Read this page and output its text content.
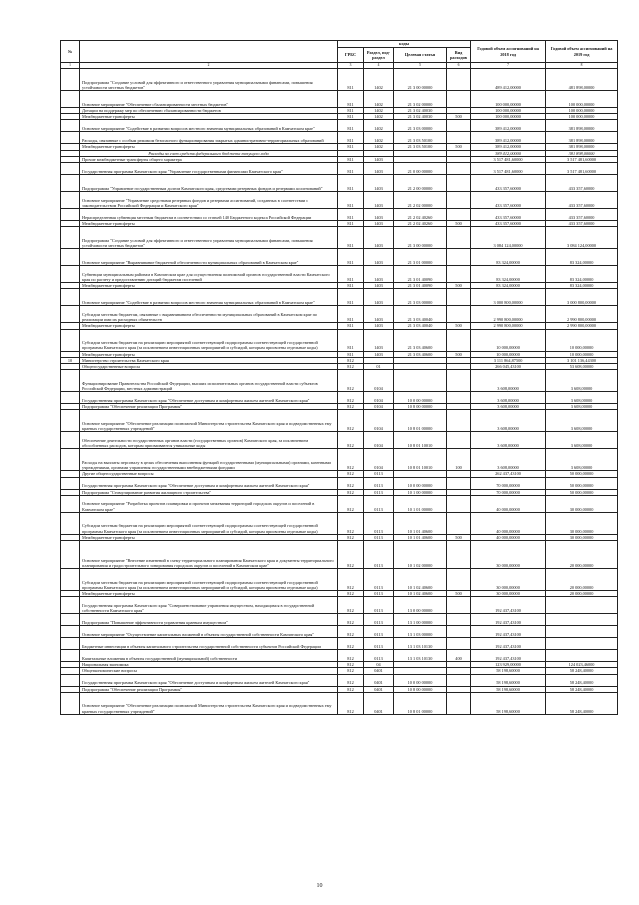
№		коды				Годовой объем ассигнований на 2018 год	Годовой объем ассигнований на 2019 год
		ГРБС	Раздел, под-раздел	Целевая статья	Вид расходов		
1	2	3	4	5	6	7	8
	Подпрограмма "Создание условий для эффективного и ответственного управления муниципальными финансами, повышения устойчивости местных бюджетов"	811	1402	21 3 00 00000		489 412,00000	481 898,00000
	Основное мероприятие "Обеспечение сбалансированности местных бюджетов"	811	1402	21 3 02 00000		100 000,00000	100 000,00000
	Дотации на поддержку мер по обеспечению сбалансированности бюджетов	811	1402	21 3 02 40030		100 000,00000	100 000,00000
	Межбюджетные трансферты	811	1402	21 3 02 40030	500	100 000,00000	100 000,00000
	Основное мероприятие "Содействие в развитии вопросов местного значения муниципальных образований в Камчатском крае"	811	1402	21 3 03 00000		389 412,00000	381 898,00000
	Расходы, связанные с особым режимом безопасного функционирования закрытых административно-территориальных образований	811	1402	21 3 03 50100		389 412,00000	381 898,00000
	Межбюджетные трансферты	811	1402	21 3 03 50100	500	389 412,00000	381 898,00000
	Расходы за счет средств федерального бюджета текущего года					389 412,00000	381 898,00000
	Прочие межбюджетные трансферты общего характера	811	1403			3 517 481,60000	3 517 481,60000
	Государственная программа Камчатского края "Управление государственными финансами Камчатского края"	811	1403	21 0 00 00000		3 517 481,60000	3 517 481,60000
	Подпрограмма "Управление государственным долгом Камчатского края, средствами резервных фондов и резервами ассигнований"	811	1403	21 2 00 00000		433 357,60000	433 357,60000
	Основное мероприятие "Управление средствами резервных фондов и резервами ассигнований, созданных в соответствии с законодательством Российской Федерации и Камчатского края"	811	1403	21 2 02 00000		433 357,60000	433 357,60000
	Нераспределенная субвенция местным бюджетам в соответствии со статьей 140 Бюджетного кодекса Российской Федерации	811	1403	21 2 02 40260		433 357,60000	433 357,60000
	Межбюджетные трансферты	811	1403	21 2 02 40260	500	433 357,60000	433 357,60000
	Подпрограмма "Создание условий для эффективного и ответственного управления муниципальными финансами, повышения устойчивости местных бюджетов"	811	1403	21 3 00 00000		3 084 124,00000	3 084 124,00000
	Основное мероприятие "Выравнивание бюджетной обеспеченности муниципальных образований в Камчатском крае"	811	1403	21 3 01 00000		83 324,00000	83 324,00000
	Субвенции муниципальным районам в Камчатском крае для осуществления полномочий органов государственной власти Камчатского края по расчету и предоставлению дотаций бюджетам поселений	811	1403	21 3 01 40090		83 324,00000	83 324,00000
	Межбюджетные трансферты	811	1403	21 3 01 40090	500	83 324,00000	83 324,00000
	Основное мероприятие "Содействие в развитии вопросов местного значения муниципальных образований в Камчатском крае"	811	1403	21 3 03 00000		3 000 800,00000	3 000 800,00000
	Субсидии местным бюджетам, связанные с выравниванием обеспеченности муниципальных образований в Камчатском крае по реализации ими их расходных обязательств	811	1403	21 3 03 40040		2 990 800,00000	2 990 800,00000
	Межбюджетные трансферты	811	1403	21 3 03 40040	500	2 990 800,00000	2 990 800,00000
	Субсидии местным бюджетам на реализацию мероприятий соответствующей подпрограммы соответствующей государственной программы Камчатского края (за исключением инвестиционных мероприятий и субсидий, которым присвоены отдельные коды)	811	1403	21 3 03 40600		10 000,00000	10 000,00000
	Межбюджетные трансферты	811	1403	21 3 03 40600	500	10 000,00000	10 000,00000
10	Министерство строительства Камчатского края	812				3 111 864,87500	3 101 136,44300
	Общегосударственные вопросы	812	01			266 045,43100	53 608,00000
	Функционирование Правительства Российской Федерации, высших исполнительных органов государственной власти субъектов Российской Федерации, местных администраций	812	0104			3 608,00000	3 608,00000
	Государственная программа Камчатского края "Обеспечение доступным и комфортным жильем жителей Камчатского края"	812	0104	10 0 00 00000		3 608,00000	3 608,00000
	Подпрограмма "Обеспечение реализации Программы"	812	0104	10 8 00 00000		3 608,00000	3 608,00000
	Основное мероприятие "Обеспечение реализации полномочий Министерства строительства Камчатского края и подведомственных ему краевых государственных учреждений"	812	0104	10 8 01 00000		3 608,00000	3 608,00000
	Обеспечение деятельности государственных органов власти (государственных органов) Камчатского края, за исключением обособленных расходов, которым присваиваются уникальные коды	812	0104	10 8 01 10010		3 608,00000	3 608,00000
	Расходы на выплаты персоналу в целях обеспечения выполнения функций государственными (муниципальными) органами, казенными учреждениями, органами управления государственными внебюджетными фондами	812	0104	10 8 01 10010	100	3 608,00000	3 608,00000
	Другие общегосударственные вопросы	812	0113			262 437,43100	50 000,00000
	Государственная программа Камчатского края "Обеспечение доступным и комфортным жильем жителей Камчатского края"	812	0113	10 0 00 00000		70 000,00000	50 000,00000
	Подпрограмма "Стимулирование развития жилищного строительства"	812	0113	10 1 00 00000		70 000,00000	50 000,00000
	Основное мероприятие "Разработка проектов планировки и проектов межевания территорий городских округов и поселений в Камчатском крае"	812	0113	10 1 01 00000		40 000,00000	30 000,00000
	Субсидии местным бюджетам на реализацию мероприятий соответствующей подпрограммы соответствующей государственной программы Камчатского края (за исключением инвестиционных мероприятий и субсидий, которым присвоены отдельные коды)	812	0113	10 1 01 40600		40 000,00000	30 000,00000
	Межбюджетные трансферты	812	0113	10 1 01 40600	500	40 000,00000	30 000,00000
	Основное мероприятие "Внесение изменений в схему территориального планирования Камчатского края и документы территориального планирования и градостроительного зонирования городских округов и поселений в Камчатском крае"	812	0113	10 1 02 00000		30 000,00000	20 000,00000
	Субсидии местным бюджетам на реализацию мероприятий соответствующей подпрограммы соответствующей государственной программы Камчатского края (за исключением инвестиционных мероприятий и субсидий, которым присвоены отдельные коды)	812	0113	10 1 02 40600		30 000,00000	20 000,00000
	Межбюджетные трансферты	812	0113	10 1 02 40600	500	30 000,00000	20 000,00000
	Государственная программа Камчатского края "Совершенствование управления имуществом, находящимся в государственной собственности Камчатского края"	812	0113	13 0 00 00000		192 437,43100	
	Подпрограмма "Повышение эффективности управления краевым имуществом"	812	0113	13 1 00 00000		192 437,43100	
	Основное мероприятие "Осуществление капитальных вложений в объекты государственной собственности Камчатского края"	812	0113	13 1 03 00000		192 437,43100	
	Бюджетные инвестиции в объекты капитального строительства государственной собственности субъектов Российской Федерации	812	0113	13 1 03 10130		192 437,43100	
	Капитальные вложения в объекты государственной (муниципальной) собственности	812	0113	13 1 03 10130	400	192 437,43100	
	Национальная экономика	812	04			123 929,00000	124 023,46000
	Общеэкономические вопросы	812	0401			58 198,60000	58 248,40000
	Государственная программа Камчатского края "Обеспечение доступным и комфортным жильем жителей Камчатского края"	812	0401	10 0 00 00000		58 198,60000	58 248,40000
	Подпрограмма "Обеспечение реализации Программы"	812	0401	10 8 00 00000		58 198,60000	58 248,40000
	Основное мероприятие "Обеспечение реализации полномочий Министерства строительства Камчатского края и подведомственных ему краевых государственных учреждений"	812	0401	10 8 01 00000		58 198,60000	58 248,40000
10
